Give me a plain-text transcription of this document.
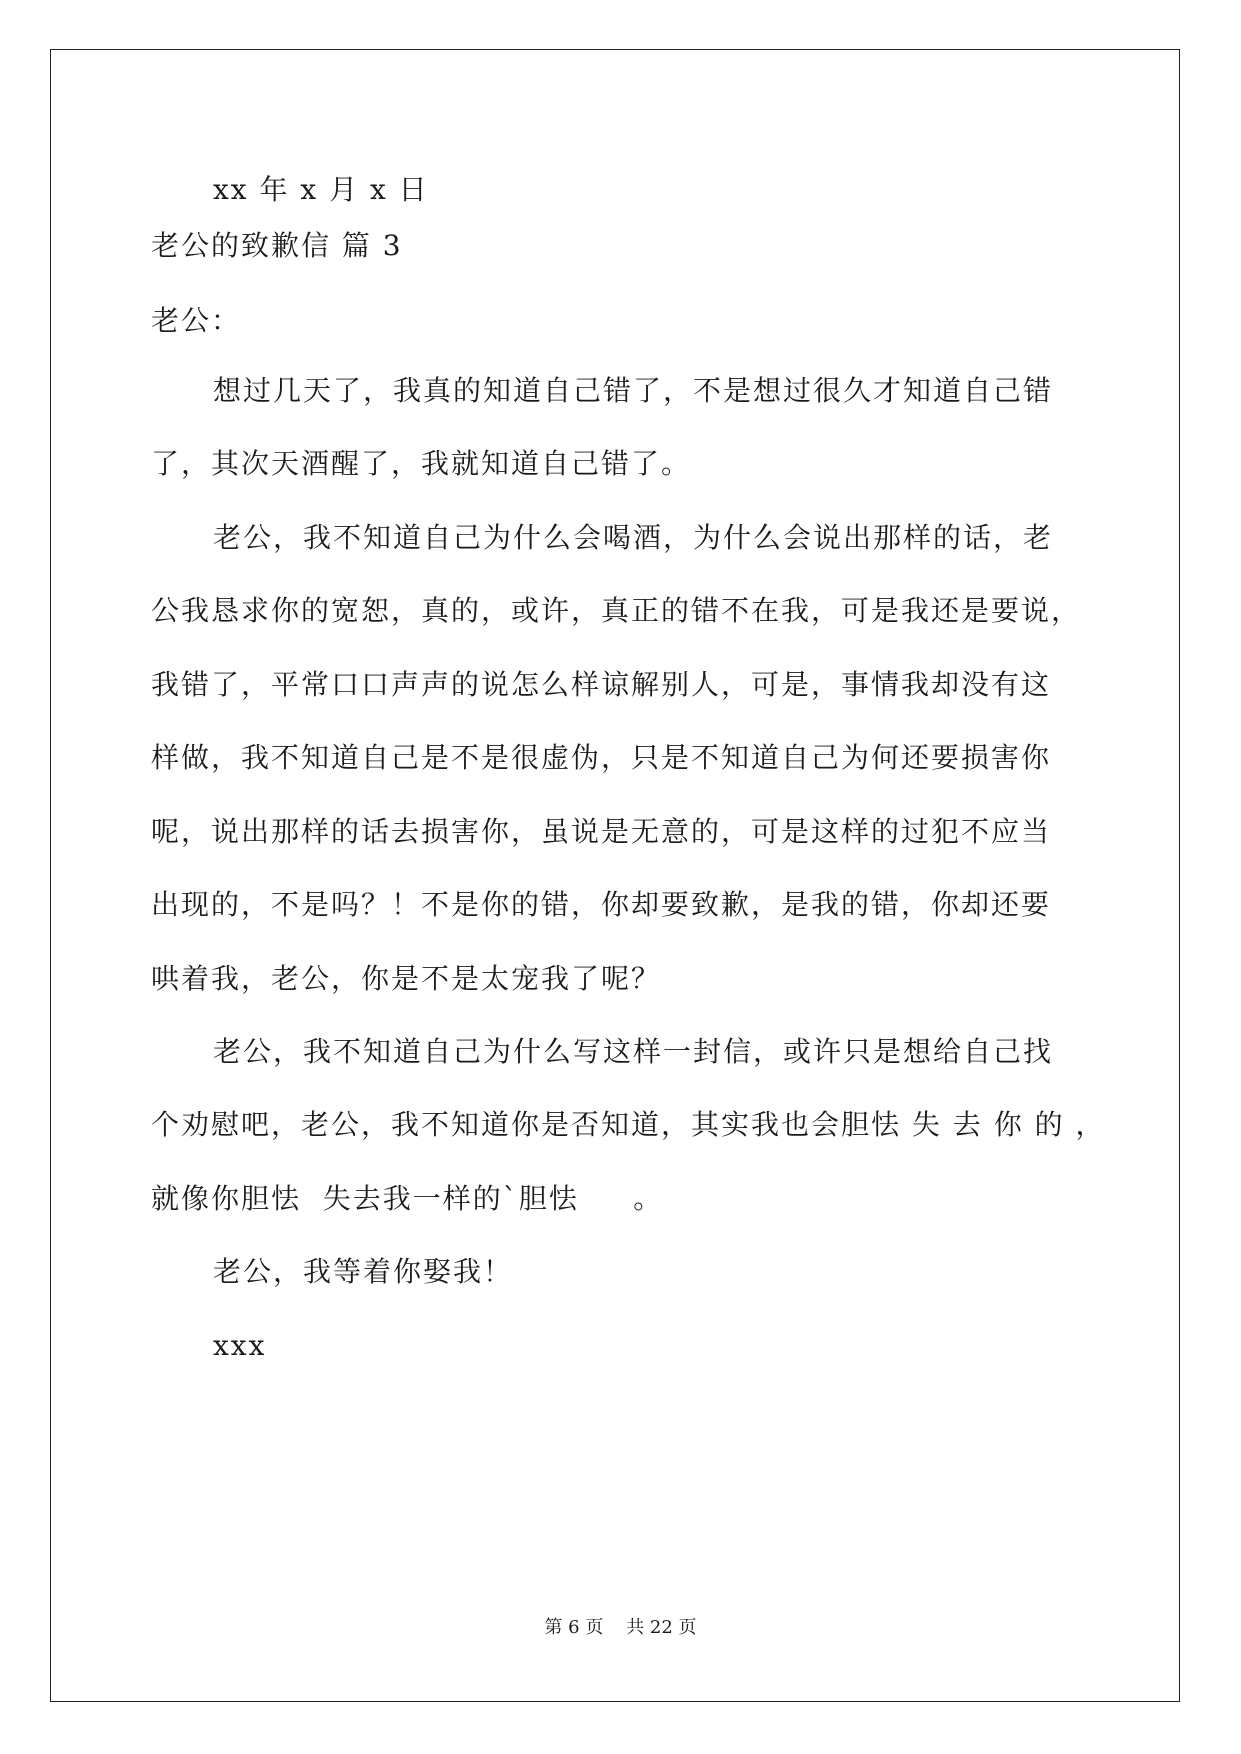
xx 年 x 月 x 日
老公的致歉信 篇 3
老公：
想过几天了，我真的知道自己错了，不是想过很久才知道自己错
了，其次天酒醒了，我就知道自己错了。
老公，我不知道自己为什么会喝酒，为什么会说出那样的话，老
公我恳求你的宽恕，真的，或许，真正的错不在我，可是我还是要说，
我错了，平常口口声声的说怎么样谅解别人，可是，事情我却没有这
样做，我不知道自己是不是很虚伪，只是不知道自己为何还要损害你
呢，说出那样的话去损害你，虽说是无意的，可是这样的过犯不应当
出现的，不是吗？！不是你的错，你却要致歉，是我的错，你却还要
哄着我，老公，你是不是太宠我了呢？
老公，我不知道自己为什么写这样一封信，或许只是想给自己找
个劝慰吧，老公，我不知道你是否知道，其实我也会胆怯 失 去 你 的 ，
就像你胆怯  失去我一样的`胆怯     。
老公，我等着你娶我！
xxx
第 6 页    共 22 页
